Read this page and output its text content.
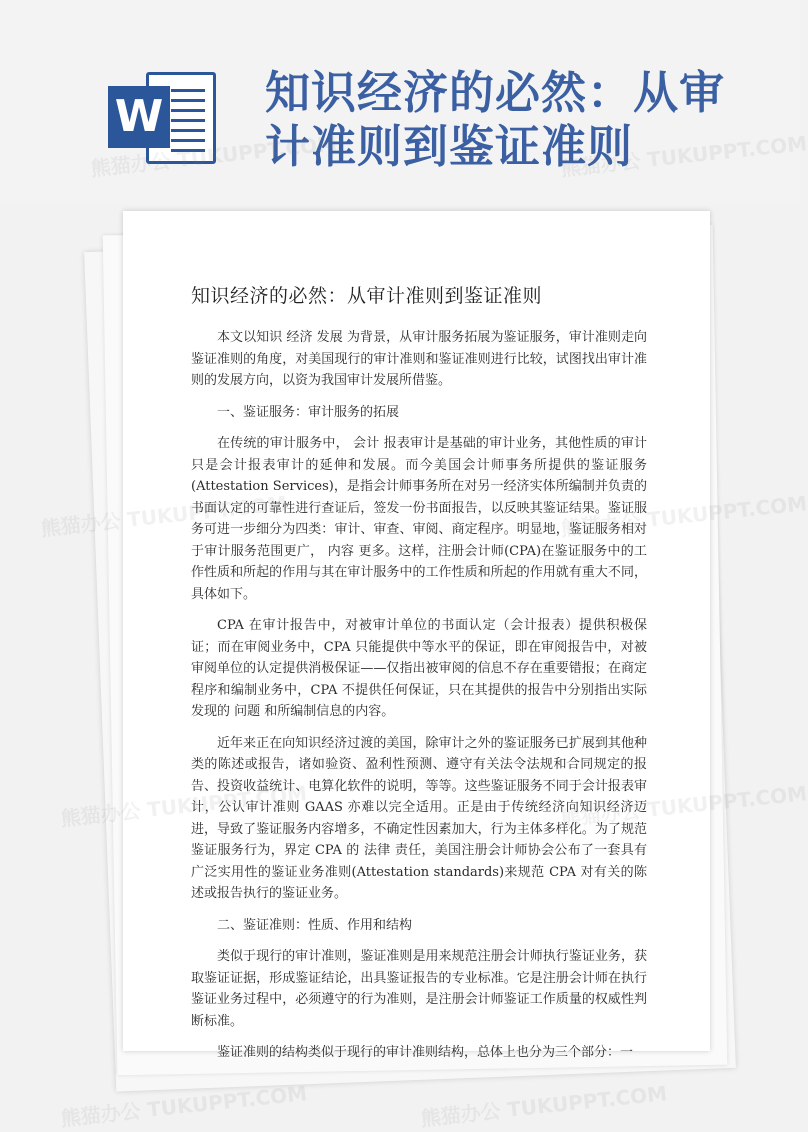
W 知识经济的必然：从审计准则到鉴证准则
知识经济的必然：从审计准则到鉴证准则

本文以知识 经济 发展 为背景，从审计服务拓展为鉴证服务，审计准则走向鉴证准则的角度，对美国现行的审计准则和鉴证准则进行比较，试图找出审计准则的发展方向，以资为我国审计发展所借鉴。

一、鉴证服务：审计服务的拓展

在传统的审计服务中， 会计 报表审计是基础的审计业务，其他性质的审计只是会计报表审计的延伸和发展。而今美国会计师事务所提供的鉴证服务(Attestation Services)，是指会计师事务所在对另一经济实体所编制并负责的书面认定的可靠性进行查证后，签发一份书面报告，以反映其鉴证结果。鉴证服务可进一步细分为四类：审计、审查、审阅、商定程序。明显地，鉴证服务相对于审计服务范围更广， 内容 更多。这样，注册会计师(CPA)在鉴证服务中的工作性质和所起的作用与其在审计服务中的工作性质和所起的作用就有重大不同，具体如下。

CPA 在审计报告中，对被审计单位的书面认定（会计报表）提供积极保证；而在审阅业务中，CPA 只能提供中等水平的保证，即在审阅报告中，对被审阅单位的认定提供消极保证——仅指出被审阅的信息不存在重要错报；在商定程序和编制业务中，CPA 不提供任何保证，只在其提供的报告中分别指出实际发现的 问题 和所编制信息的内容。

近年来正在向知识经济过渡的美国，除审计之外的鉴证服务已扩展到其他种类的陈述或报告，诸如验资、盈利性预测、遵守有关法令法规和合同规定的报告、投资收益统计、电算化软件的说明，等等。这些鉴证服务不同于会计报表审计，公认审计准则 GAAS 亦难以完全适用。正是由于传统经济向知识经济迈进，导致了鉴证服务内容增多，不确定性因素加大，行为主体多样化。为了规范鉴证服务行为，界定 CPA 的 法律 责任，美国注册会计师协会公布了一套具有广泛实用性的鉴证业务准则(Attestation standards)来规范 CPA 对有关的陈述或报告执行的鉴证业务。

二、鉴证准则：性质、作用和结构

类似于现行的审计准则，鉴证准则是用来规范注册会计师执行鉴证业务，获取鉴证证据，形成鉴证结论，出具鉴证报告的专业标准。它是注册会计师在执行鉴证业务过程中，必须遵守的行为准则，是注册会计师鉴证工作质量的权威性判断标准。

鉴证准则的结构类似于现行的审计准则结构，总体上也分为三个部分：一

熊猫办公	TUKUPPT.COM
熊猫办公	TUKUPPT.COM
熊猫办公 TUKUPPT.COM	熊猫办公 TUKUPPT.COM
